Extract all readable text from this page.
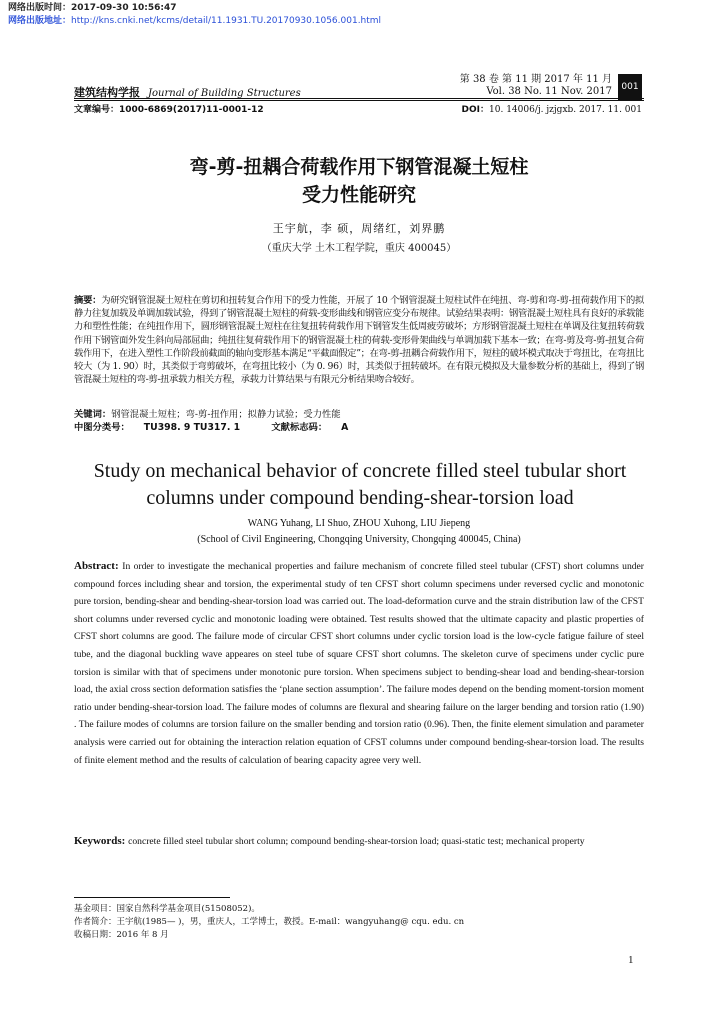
网络出版时间：2017-09-30 10:56:47
网络出版地址：http://kns.cnki.net/kcms/detail/11.1931.TU.20170930.1056.001.html
建筑结构学报 Journal of Building Structures
第 38 卷 第 11 期 2017 年 11 月
Vol. 38 No. 11 Nov. 2017	001
文章编号：1000-6869(2017)11-0001-12	DOI：10. 14006/j. jzjgxb. 2017. 11. 001
弯-剪-扭耦合荷载作用下钢管混凝土短柱
受力性能研究
王宇航，李 硕，周绪红，刘界鹏
（重庆大学 土木工程学院，重庆 400045）
摘要：为研究钢管混凝土短柱在剪切和扭转复合作用下的受力性能，开展了 10 个钢管混凝土短柱试件在纯扭、弯-剪和弯-剪-扭荷载作用下的拟静力往复加载及单调加载试验，得到了钢管混凝土短柱的荷载-变形曲线和钢管应变分布规律。试验结果表明：钢管混凝土短柱具有良好的承载能力和塑性性能；在纯扭作用下，圆形钢管混凝土短柱在往复扭转荷载作用下钢管发生低周疲劳破坏；方形钢管混凝土短柱在单调及往复扭转荷载作用下钢管面外发生斜向局部屈曲；纯扭往复荷载作用下的钢管混凝土柱的荷载-变形骨架曲线与单调加载下基本一致；在弯-剪及弯-剪-扭复合荷载作用下，在进入塑性工作阶段前截面的轴向变形基本满足“平截面假定”；在弯-剪-扭耦合荷载作用下，短柱的破坏模式取决于弯扭比，在弯扭比较大（为 1. 90）时，其类似于弯剪破坏，在弯扭比较小（为 0. 96）时，其类似于扭转破坏。在有限元模拟及大量参数分析的基础上，得到了钢管混凝土短柱的弯-剪-扭承载力相关方程，承载力计算结果与有限元分析结果吻合较好。
关键词：钢管混凝土短柱；弯-剪-扭作用；拟静力试验；受力性能
中图分类号： TU398. 9 TU317. 1	文献标志码： A
Study on mechanical behavior of concrete filled steel tubular short
columns under compound bending-shear-torsion load
WANG Yuhang, LI Shuo, ZHOU Xuhong, LIU Jiepeng
(School of Civil Engineering, Chongqing University, Chongqing 400045, China)
Abstract: In order to investigate the mechanical properties and failure mechanism of concrete filled steel tubular (CFST) short columns under compound forces including shear and torsion, the experimental study of ten CFST short column specimens under reversed cyclic and monotonic pure torsion, bending-shear and bending-shear-torsion load was carried out. The load-deformation curve and the strain distribution law of the CFST short columns under reversed cyclic and monotonic loading were obtained. Test results showed that the ultimate capacity and plastic properties of CFST short columns are good. The failure mode of circular CFST short columns under cyclic torsion load is the low-cycle fatigue failure of steel tube, and the diagonal buckling wave appeares on steel tube of square CFST short columns. The skeleton curve of specimens under cyclic pure torsion is similar with that of specimens under monotonic pure torsion. When specimens subject to bending-shear load and bending-shear-torsion load, the axial cross section deformation satisfies the ‘plane section assumption’. The failure modes depend on the bending moment-torsion moment ratio under bending-shear-torsion load. The failure modes of columns are flexural and shearing failure on the larger bending and torsion ratio (1.90) . The failure modes of columns are torsion failure on the smaller bending and torsion ratio (0.96). Then, the finite element simulation and parameter analysis were carried out for obtaining the interaction relation equation of CFST columns under compound bending-shear-torsion load. The results of finite element method and the results of calculation of bearing capacity agree very well.
Keywords: concrete filled steel tubular short column; compound bending-shear-torsion load; quasi-static test; mechanical property
基金项目：国家自然科学基金项目(51508052)。
作者简介：王宇航(1985— )，男，重庆人，工学博士，教授。E-mail：wangyuhang@ cqu. edu. cn
收稿日期：2016 年 8 月
1
